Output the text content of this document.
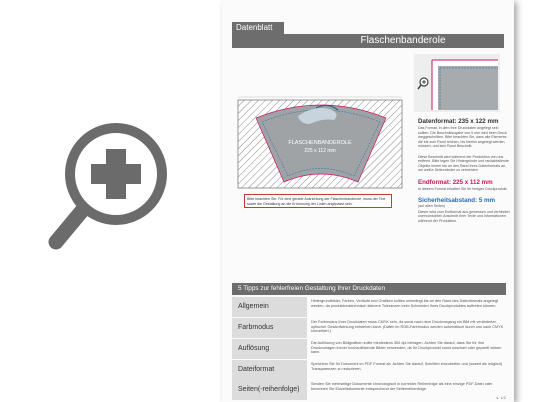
Datenblatt
Flaschenbanderole
FLASCHENBANDEROLE
225 x 112 mm
Bitte beachten Sie: Für eine gerade Ausrichtung der Flaschenbanderole, muss der Text sowie die Gestaltung an die Krümmung der Linien angepasst sein.
Datenformat: 235 x 122 mm

Das Format, in dem Ihre Druckdaten angelegt sein sollten. Die Beschnittzugabe von 5 mm wird beim Druck weggeschnitten. Bitte beachten Sie, dass alle Elemente, die bis zum Rand reichen, bis hierhin angelegt werden müssen, und kein Rand Beschnitt.

Diese Beschnitt wird während der Produktion von uns entfernt. Bitte legen Sie Hintergründe und randabfallende Objekte immer bis an den Rand Ihres Datenformats an, um weiße Seitenränder zu vermeiden.

Endformat: 225 x 112 mm

In diesem Format erhalten Sie Ihr fertiges Druckprodukt.

Sicherheitsabstand: 5 mm

(auf allen Seiten)

Dieser wird vom Endformat aus gemessen und verhindert unerwünschten Anschnitt Ihrer Texte und Informationen während der Produktion.

5 Tipps zur fehlerfreien Gestaltung Ihrer Druckdaten
Allgemein
Hintergrundbilder, Farben, Verläufe und Grafiken sollten unbedingt bis an den Rand des Datenformats angelegt werden, da produktionstechnisch kleinere Toleranzen beim Schneiden Ihres Druckproduktes auftreten können.
Farbmodus
Der Farbmodus Ihrer Druckdaten muss CMYK sein, da sonst nach dem Druckvorgang ein Bild mit veränderter, optischer Gesamtwirkung entstehen kann. (Daten im RGB-Farbmodus werden automatisch durch uns nach CMYK konvertiert.)
Auflösung
Die Auflösung von Bildgrafiken sollte mindestens 300 dpi betragen. Achten Sie darauf, dass Sie für Ihre Druckvorlagen immer hochauflösende Bilder verwenden, da Ihr Druckprodukt sonst unscharf oder gepixelt wirken kann.
Dateiformat
Speichern Sie Ihr Dokument im PDF Format ab. Achten Sie darauf, Schriften einzubetten und (soweit als möglich) Transparenzen zu reduzieren.
Seiten(-reihenfolge)
Senden Sie mehrseitige Dokumente chronologisch in korrekter Reihenfolge als eine einzige PDF-Datei oder benennen Sie Einzeldokumente entsprechend der Seitenreihenfolge.
s. 1/2
